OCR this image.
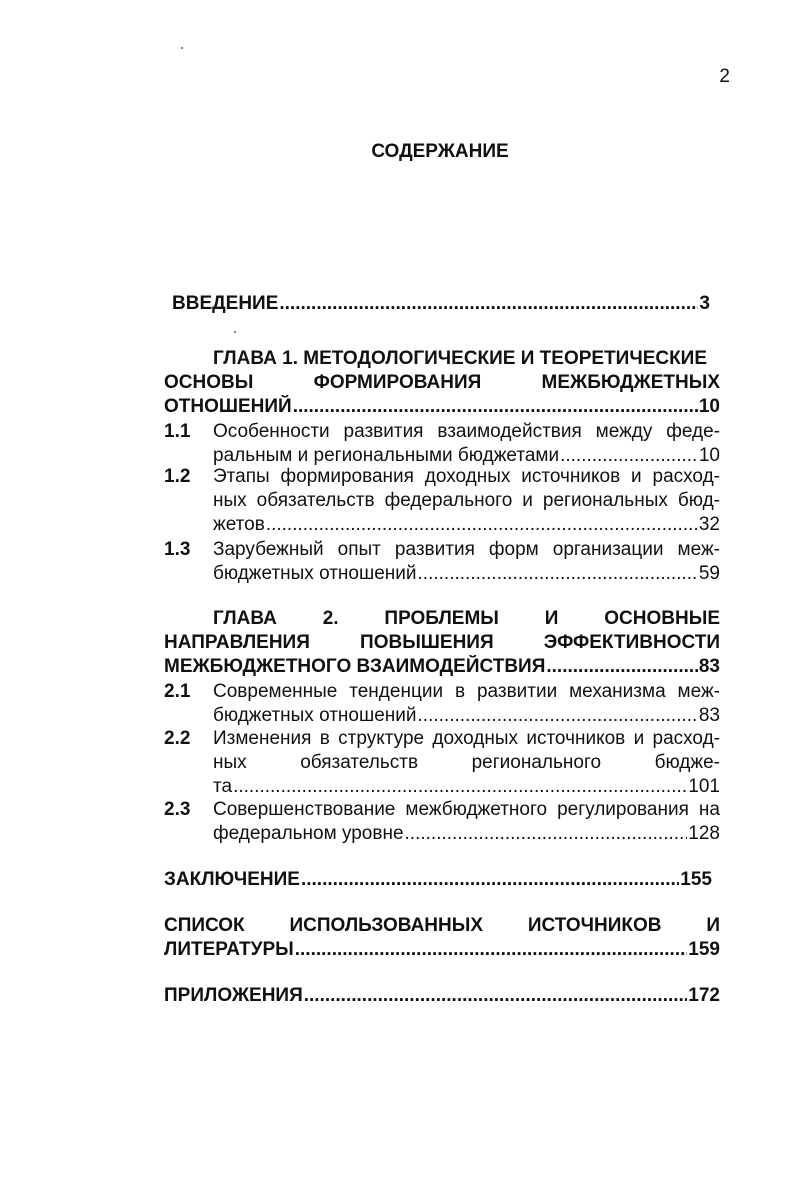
2
СОДЕРЖАНИЕ
ВВЕДЕНИЕ .....	3
ГЛАВА 1. МЕТОДОЛОГИЧЕСКИЕ И ТЕОРЕТИЧЕСКИЕ
ОСНОВЫ ФОРМИРОВАНИЯ МЕЖБЮДЖЕТНЫХ
ОТНОШЕНИЙ .....	10
1.1 Особенности развития взаимодействия между феде-
ральным и региональными бюджетами .....	10
1.2 Этапы формирования доходных источников и расход-
ных обязательств федерального и региональных бюд-
жетов .....	32
1.3 Зарубежный опыт развития форм организации меж-
бюджетных отношений .....	59
ГЛАВА 2. ПРОБЛЕМЫ И ОСНОВНЫЕ
НАПРАВЛЕНИЯ ПОВЫШЕНИЯ ЭФФЕКТИВНОСТИ
МЕЖБЮДЖЕТНОГО ВЗАИМОДЕЙСТВИЯ .....	83
2.1 Современные тенденции в развитии механизма меж-
бюджетных отношений .....	83
2.2 Изменения в структуре доходных источников и расход-
ных обязательств регионального бюдже-
та .....	101
2.3 Совершенствование межбюджетного регулирования на
федеральном уровне .....	128
ЗАКЛЮЧЕНИЕ .....	155
СПИСОК ИСПОЛЬЗОВАННЫХ ИСТОЧНИКОВ И
ЛИТЕРАТУРЫ .....	159
ПРИЛОЖЕНИЯ .....	172
